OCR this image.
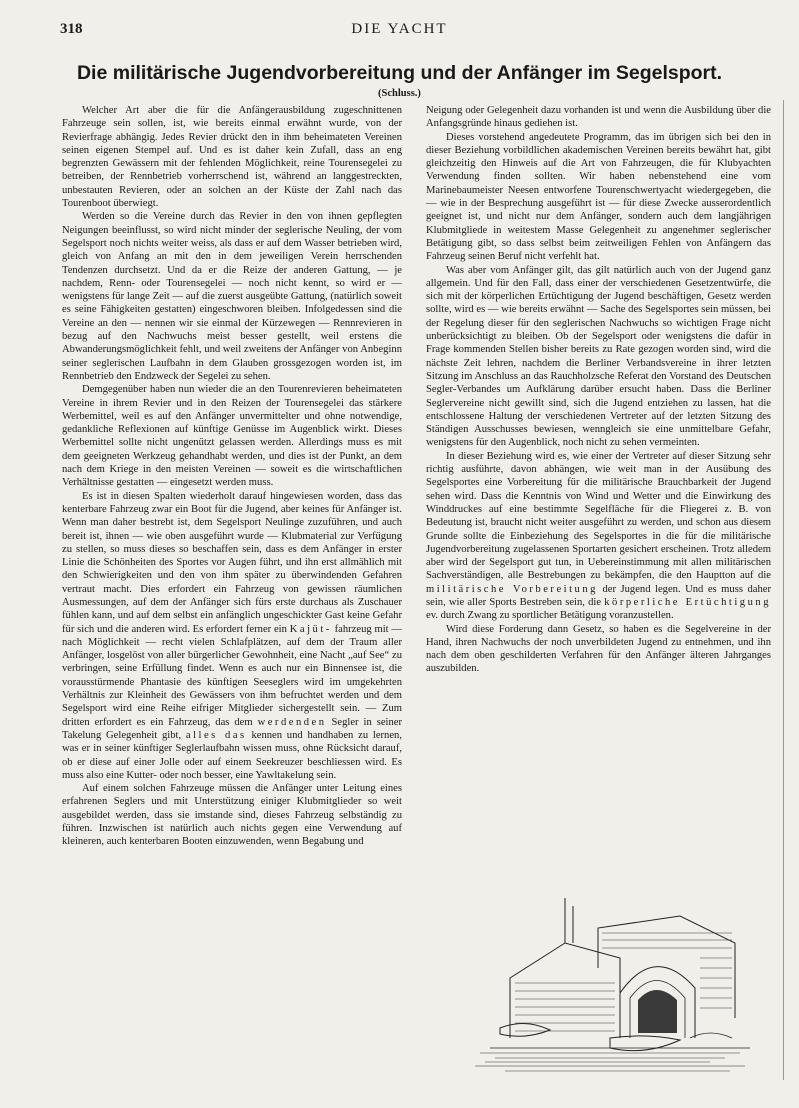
318	DIE YACHT
Die militärische Jugendvorbereitung und der Anfänger im Segelsport.
(Schluss.)

Welcher Art aber die für die Anfängerausbildung zugeschnittenen Fahrzeuge sein sollen, ist, wie bereits einmal erwähnt wurde, von der Revierfrage abhängig. Jedes Revier drückt den in ihm beheimateten Vereinen seinen eigenen Stempel auf. Und es ist daher kein Zufall, dass an eng begrenzten Gewässern mit der fehlenden Möglichkeit, reine Tourensegelei zu betreiben, der Rennbetrieb vorherrschend ist, während an langgestreckten, unbestauten Revieren, oder an solchen an der Küste der Zahl nach das Tourenboot überwiegt.

Werden so die Vereine durch das Revier in den von ihnen gepflegten Neigungen beeinflusst, so wird nicht minder der seglerische Neuling, der vom Segelsport noch nichts weiter weiss, als dass er auf dem Wasser betrieben wird, gleich von Anfang an mit den in dem jeweiligen Verein herrschenden Tendenzen durchsetzt. Und da er die Reize der anderen Gattung, — je nachdem, Renn- oder Tourensegelei — noch nicht kennt, so wird er — wenigstens für lange Zeit — auf die zuerst ausgeübte Gattung, (natürlich soweit es seine Fähigkeiten gestatten) eingeschworen bleiben. Infolgedessen sind die Vereine an den — nennen wir sie einmal der Kürzewegen — Rennrevieren in bezug auf den Nachwuchs meist besser gestellt, weil erstens die Abwanderungsmöglichkeit fehlt, und weil zweitens der Anfänger von Anbeginn seiner seglerischen Laufbahn in dem Glauben grossgezogen worden ist, im Rennbetrieb den Endzweck der Segelei zu sehen.

Demgegenüber haben nun wieder die an den Tourenrevieren beheimateten Vereine in ihrem Revier und in den Reizen der Tourensegelei das stärkere Werbemittel, weil es auf den Anfänger unvermittelter und ohne notwendige, gedankliche Reflexionen auf künftige Genüsse im Augenblick wirkt. Dieses Werbemittel sollte nicht ungenützt gelassen werden. Allerdings muss es mit dem geeigneten Werkzeug gehandhabt werden, und dies ist der Punkt, an dem nach dem Kriege in den meisten Vereinen — soweit es die wirtschaftlichen Verhältnisse gestatten — eingesetzt werden muss.

Es ist in diesen Spalten wiederholt darauf hingewiesen worden, dass das kenterbare Fahrzeug zwar ein Boot für die Jugend, aber keines für Anfänger ist. Wenn man daher bestrebt ist, dem Segelsport Neulinge zuzuführen, und auch bereit ist, ihnen — wie oben ausgeführt wurde — Klubmaterial zur Verfügung zu stellen, so muss dieses so beschaffen sein, dass es dem Anfänger in erster Linie die Schönheiten des Sportes vor Augen führt, und ihn erst allmählich mit den Schwierigkeiten und den von ihm später zu überwindenden Gefahren vertraut macht. Dies erfordert ein Fahrzeug von gewissen räumlichen Ausmessungen, auf dem der Anfänger sich fürs erste durchaus als Zuschauer fühlen kann, und auf dem selbst ein anfänglich ungeschickter Gast keine Gefahr für sich und die anderen wird. Es erfordert ferner ein Kajüt- fahrzeug mit — nach Möglichkeit — recht vielen Schlafplätzen, auf dem der Traum aller Anfänger, losgelöst von aller bürgerlicher Gewohnheit, eine Nacht „auf See“ zu verbringen, seine Erfüllung findet. Wenn es auch nur ein Binnensee ist, die vorausstürmende Phantasie des künftigen Seeseglers wird im umgekehrten Verhältnis zur Kleinheit des Gewässers von ihm befruchtet werden und dem Segelsport wird eine Reihe eifriger Mitglieder sichergestellt sein. — Zum dritten erfordert es ein Fahrzeug, das dem werdenden Segler in seiner Takelung Gelegenheit gibt, alles das kennen und handhaben zu lernen, was er in seiner künftiger Seglerlaufbahn wissen muss, ohne Rücksicht darauf, ob er diese auf einer Jolle oder auf einem Seekreuzer beschliessen wird. Es muss also eine Kutter- oder noch besser, eine Yawltakelung sein.

Auf einem solchen Fahrzeuge müssen die Anfänger unter Leitung eines erfahrenen Seglers und mit Unterstützung einiger Klubmitglieder so weit ausgebildet werden, dass sie imstande sind, dieses Fahrzeug selbständig zu führen. Inzwischen ist natürlich auch nichts gegen eine Verwendung auf kleineren, auch kenterbaren Booten einzuwenden, wenn Begabung und

Neigung oder Gelegenheit dazu vorhanden ist und wenn die Ausbildung über die Anfangsgründe hinaus gediehen ist.

Dieses vorstehend angedeutete Programm, das im übrigen sich bei den in dieser Beziehung vorbildlichen akademischen Vereinen bereits bewährt hat, gibt gleichzeitig den Hinweis auf die Art von Fahrzeugen, die für Klubyachten Verwendung finden sollten. Wir haben nebenstehend eine vom Marinebaumeister Neesen entworfene Tourenschwertyacht wiedergegeben, die — wie in der Besprechung ausgeführt ist — für diese Zwecke ausserordentlich geeignet ist, und nicht nur dem Anfänger, sondern auch dem langjährigen Klubmitgliede in weitestem Masse Gelegenheit zu angenehmer seglerischer Betätigung gibt, so dass selbst beim zeitweiligen Fehlen von Anfängern das Fahrzeug seinen Beruf nicht verfehlt hat.

Was aber vom Anfänger gilt, das gilt natürlich auch von der Jugend ganz allgemein. Und für den Fall, dass einer der verschiedenen Gesetzentwürfe, die sich mit der körperlichen Ertüchtigung der Jugend beschäftigen, Gesetz werden sollte, wird es — wie bereits erwähnt — Sache des Segelsportes sein müssen, bei der Regelung dieser für den seglerischen Nachwuchs so wichtigen Frage nicht unberücksichtigt zu bleiben. Ob der Segelsport oder wenigstens die dafür in Frage kommenden Stellen bisher bereits zu Rate gezogen worden sind, wird die nächste Zeit lehren, nachdem die Berliner Verbandsvereine in ihrer letzten Sitzung im Anschluss an das Rauchholzsche Referat den Vorstand des Deutschen Segler-Verbandes um Aufklärung darüber ersucht haben. Dass die Berliner Seglervereine nicht gewillt sind, sich die Jugend entziehen zu lassen, hat die entschlossene Haltung der verschiedenen Vertreter auf der letzten Sitzung des Ständigen Ausschusses bewiesen, wenngleich sie eine unmittelbare Gefahr, wenigstens für den Augenblick, noch nicht zu sehen vermeinten.

In dieser Beziehung wird es, wie einer der Vertreter auf dieser Sitzung sehr richtig ausführte, davon abhängen, wie weit man in der Ausübung des Segelsportes eine Vorbereitung für die militärische Brauchbarkeit der Jugend sehen wird. Dass die Kenntnis von Wind und Wetter und die Einwirkung des Winddruckes auf eine bestimmte Segelfläche für die Fliegerei z. B. von Bedeutung ist, braucht nicht weiter ausgeführt zu werden, und schon aus diesem Grunde sollte die Einbeziehung des Segelsportes in die für die militärische Jugendvorbereitung zugelassenen Sportarten gesichert erscheinen. Trotz alledem aber wird der Segelsport gut tun, in Uebereinstimmung mit allen militärischen Sachverständigen, alle Bestrebungen zu bekämpfen, die den Hauptton auf die militärische Vorbereitung der Jugend legen. Und es muss daher sein, wie aller Sports Bestreben sein, die körperliche Ertüchtigung ev. durch Zwang zu sportlicher Betätigung voranzustellen.

Wird diese Forderung dann Gesetz, so haben es die Segelvereine in der Hand, ihren Nachwuchs der noch unverbildeten Jugend zu entnehmen, und ihn nach dem oben geschilderten Verfahren für den Anfänger älteren Jahrganges auszubilden.
